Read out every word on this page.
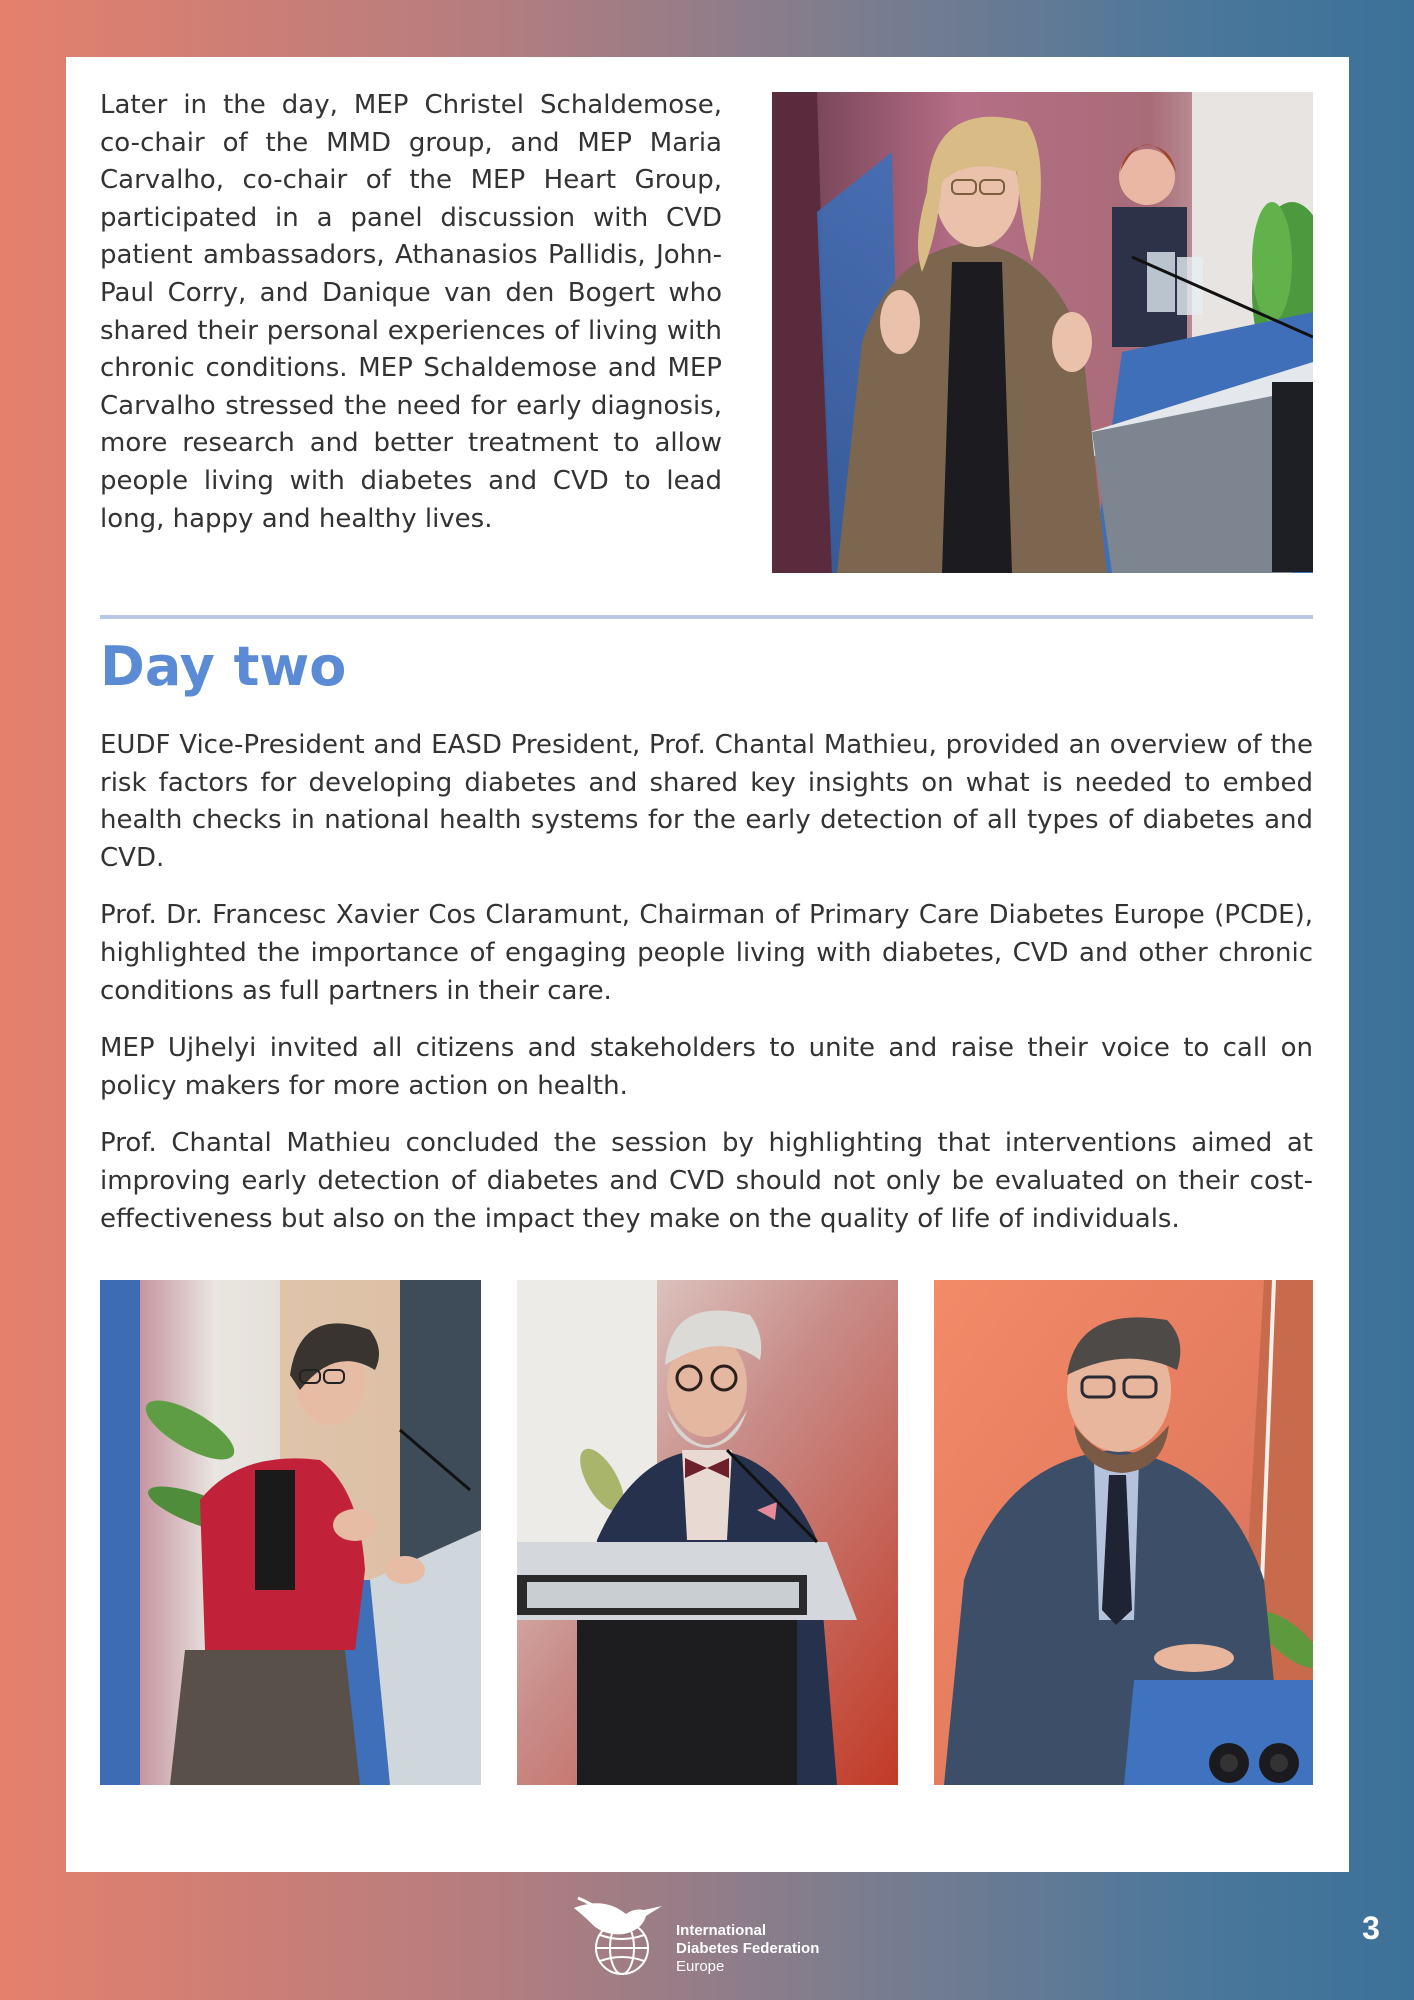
Later in the day, MEP Christel Schaldemose, co-chair of the MMD group, and MEP Maria Carvalho, co-chair of the MEP Heart Group, participated in a panel discussion with CVD patient ambassadors, Athanasios Pallidis, John-Paul Corry, and Danique van den Bogert who shared their personal experiences of living with chronic conditions. MEP Schaldemose and MEP Carvalho stressed the need for early diagnosis, more research and better treatment to allow people living with diabetes and CVD to lead long, happy and healthy lives.

Day two

EUDF Vice-President and EASD President, Prof. Chantal Mathieu, provided an overview of the risk factors for developing diabetes and shared key insights on what is needed to embed health checks in national health systems for the early detection of all types of diabetes and CVD.

Prof. Dr. Francesc Xavier Cos Claramunt, Chairman of Primary Care Diabetes Europe (PCDE), highlighted the importance of engaging people living with diabetes, CVD and other chronic conditions as full partners in their care.

MEP Ujhelyi invited all citizens and stakeholders to unite and raise their voice to call on policy makers for more action on health.

Prof. Chantal Mathieu concluded the session by highlighting that interventions aimed at improving early detection of diabetes and CVD should not only be evaluated on their cost-effectiveness but also on the impact they make on the quality of life of individuals.

International
Diabetes Federation
Europe
3
